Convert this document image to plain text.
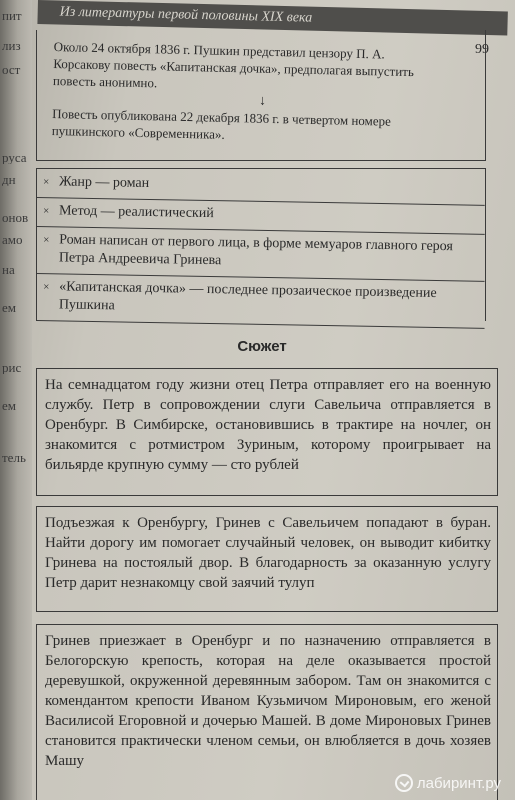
пит
лиз
ост
руса
дн
онов
амо
на
ем
рис
ем
тель
Из литературы первой половины XIX века
99

Около 24 октября 1836 г. Пушкин представил цензору П. А. Корсакову повесть «Капитанская дочка», предполагая выпустить повесть анонимно.

↓

Повесть опубликована 22 декабря 1836 г. в четвертом номере пушкинского «Современника».

× Жанр — роман
× Метод — реалистический
× Роман написан от первого лица, в форме мемуаров главного героя Петра Андреевича Гринева
× «Капитанская дочка» — последнее прозаическое произведение Пушкина
Сюжет

На семнадцатом году жизни отец Петра отправляет его на военную службу. Петр в сопровождении слуги Савельича отправляется в Оренбург. В Симбирске, остановившись в трактире на ночлег, он знакомится с ротмистром Зуриным, которому проигрывает на бильярде крупную сумму — сто рублей

Подъезжая к Оренбургу, Гринев с Савельичем попадают в буран. Найти дорогу им помогает случайный человек, он выводит кибитку Гринева на постоялый двор. В благодарность за оказанную услугу Петр дарит незнакомцу свой заячий тулуп

Гринев приезжает в Оренбург и по назначению отправляется в Белогорскую крепость, которая на деле оказывается простой деревушкой, окруженной деревянным забором. Там он знакомится с комендантом крепости Иваном Кузьмичом Мироновым, его женой Василисой Егоровной и дочерью Машей. В доме Мироновых Гринев становится практически членом семьи, он влюбляется в дочь хозяев Машу

лабиринт.ру
